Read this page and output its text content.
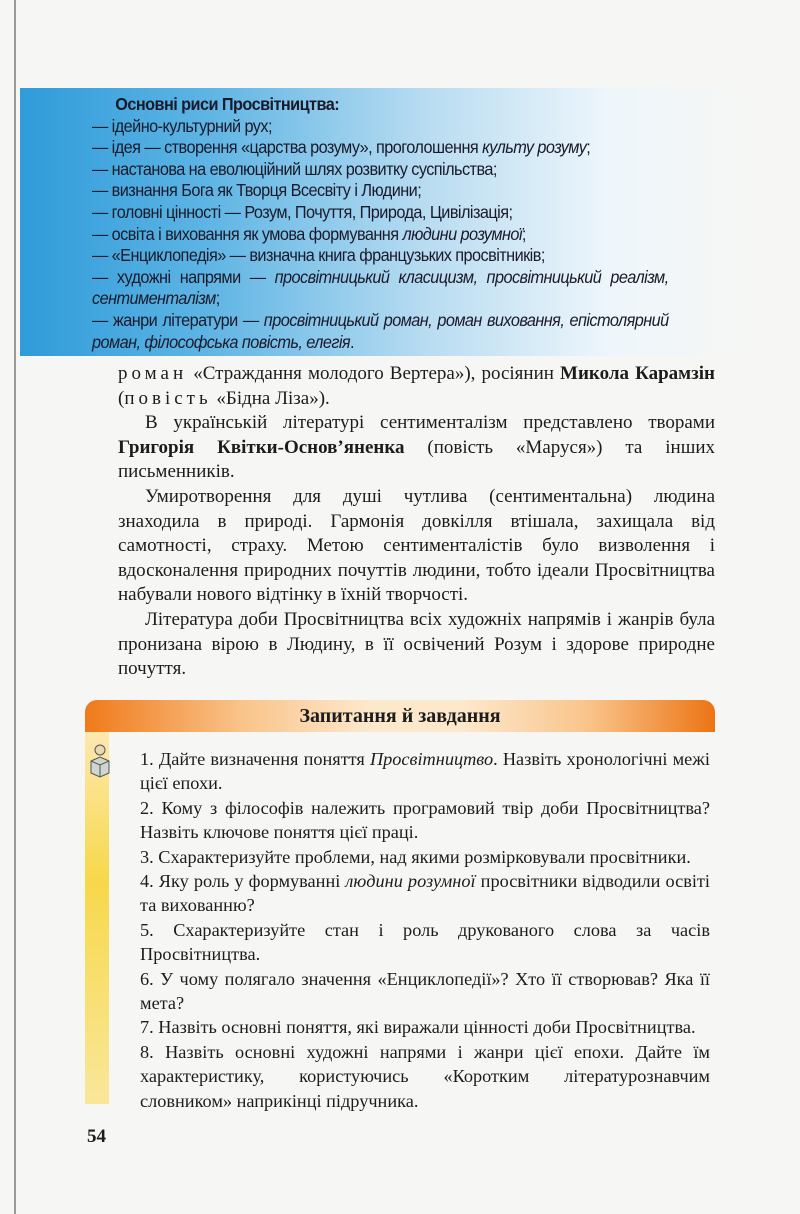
Основні риси Просвітництва:
— ідейно-культурний рух;
— ідея — створення «царства розуму», проголошення культу розуму;
— настанова на еволюційний шлях розвитку суспільства;
— визнання Бога як Творця Всесвіту і Людини;
— головні цінності — Розум, Почуття, Природа, Цивілізація;
— освіта і виховання як умова формування людини розумної;
— «Енциклопедія» — визначна книга французьких просвітників;
— художні напрями — просвітницький класицизм, просвітницький реалізм, сентименталізм;
— жанри літератури — просвітницький роман, роман виховання, епістолярний роман, філософська повість, елегія.

роман «Страждання молодого Вертера»), росіянин Микола Карамзін (повість «Бідна Ліза»).

В українській літературі сентименталізм представлено творами Григорія Квітки-Основ’яненка (повість «Маруся») та інших письменників.

Умиротворення для душі чутлива (сентиментальна) людина знаходила в природі. Гармонія довкілля втішала, захищала від самотності, страху. Метою сентименталістів було визволення і вдосконалення природних почуттів людини, тобто ідеали Просвітництва набували нового відтінку в їхній творчості.

Література доби Просвітництва всіх художніх напрямів і жанрів була пронизана вірою в Людину, в її освічений Розум і здорове природне почуття.

Запитання й завдання

1. Дайте визначення поняття Просвітництво. Назвіть хронологічні межі цієї епохи.

2. Кому з філософів належить програмовий твір доби Просвітництва? Назвіть ключове поняття цієї праці.

3. Схарактеризуйте проблеми, над якими розмірковували просвітники.

4. Яку роль у формуванні людини розумної просвітники відводили освіті та вихованню?

5. Схарактеризуйте стан і роль друкованого слова за часів Просвітництва.

6. У чому полягало значення «Енциклопедії»? Хто її створював? Яка її мета?

7. Назвіть основні поняття, які виражали цінності доби Просвітництва.

8. Назвіть основні художні напрями і жанри цієї епохи. Дайте їм характеристику, користуючись «Коротким літературознавчим словником» наприкінці підручника.

54
